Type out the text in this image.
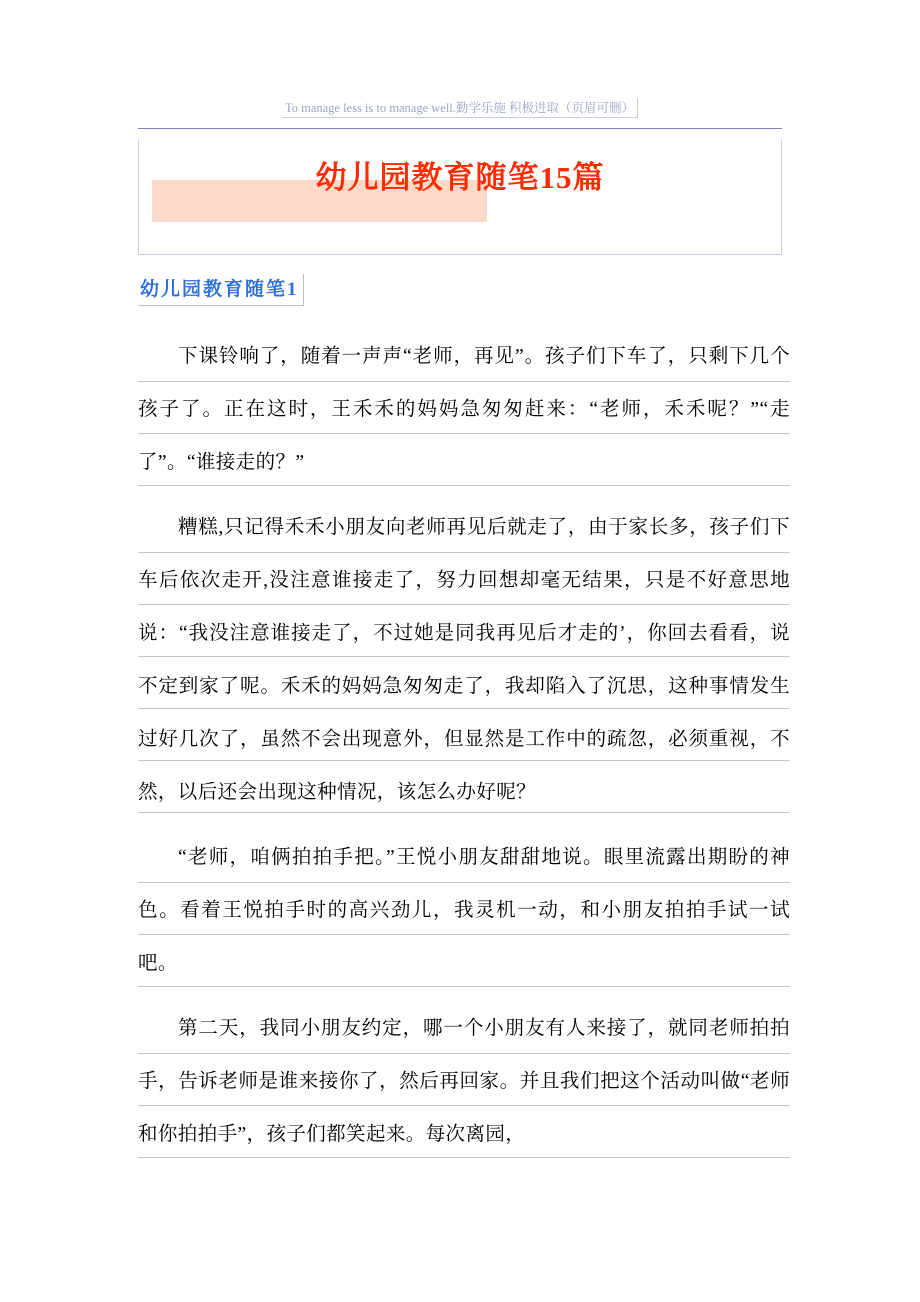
To manage less is to manage well.勤学乐施 积极进取（页眉可删）
幼儿园教育随笔15篇
幼儿园教育随笔1

下课铃响了，随着一声声“老师，再见”。孩子们下车了，只剩下几个孩子了。正在这时，王禾禾的妈妈急匆匆赶来：“老师，禾禾呢？”“走了”。“谁接走的？”

糟糕,只记得禾禾小朋友向老师再见后就走了，由于家长多，孩子们下车后依次走开,没注意谁接走了，努力回想却毫无结果，只是不好意思地说：“我没注意谁接走了，不过她是同我再见后才走的’，你回去看看，说不定到家了呢。禾禾的妈妈急匆匆走了，我却陷入了沉思，这种事情发生过好几次了，虽然不会出现意外，但显然是工作中的疏忽，必须重视，不然，以后还会出现这种情况，该怎么办好呢？

“老师，咱俩拍拍手把。”王悦小朋友甜甜地说。眼里流露出期盼的神色。看着王悦拍手时的高兴劲儿，我灵机一动，和小朋友拍拍手试一试吧。

第二天，我同小朋友约定，哪一个小朋友有人来接了，就同老师拍拍手，告诉老师是谁来接你了，然后再回家。并且我们把这个活动叫做“老师和你拍拍手”，孩子们都笑起来。每次离园，
